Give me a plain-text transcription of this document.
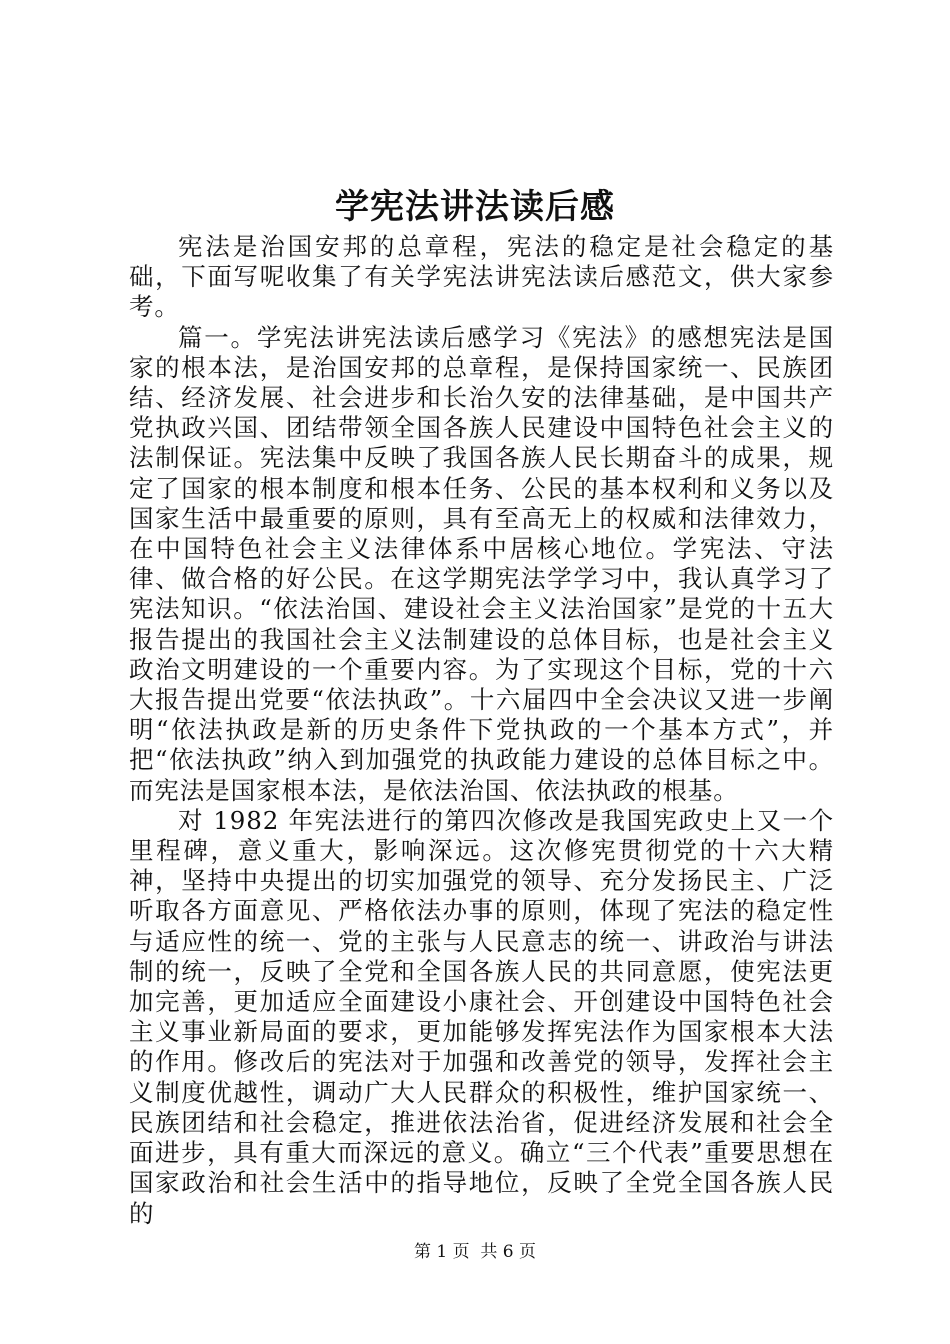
学宪法讲法读后感

宪法是治国安邦的总章程，宪法的稳定是社会稳定的基础，下面写呢收集了有关学宪法讲宪法读后感范文，供大家参考。

篇一。学宪法讲宪法读后感学习《宪法》的感想宪法是国家的根本法，是治国安邦的总章程，是保持国家统一、民族团结、经济发展、社会进步和长治久安的法律基础，是中国共产党执政兴国、团结带领全国各族人民建设中国特色社会主义的法制保证。宪法集中反映了我国各族人民长期奋斗的成果，规定了国家的根本制度和根本任务、公民的基本权利和义务以及国家生活中最重要的原则，具有至高无上的权威和法律效力，在中国特色社会主义法律体系中居核心地位。学宪法、守法律、做合格的好公民。在这学期宪法学学习中，我认真学习了宪法知识。“依法治国、建设社会主义法治国家”是党的十五大报告提出的我国社会主义法制建设的总体目标，也是社会主义政治文明建设的一个重要内容。为了实现这个目标，党的十六大报告提出党要“依法执政”。十六届四中全会决议又进一步阐明“依法执政是新的历史条件下党执政的一个基本方式”，并把“依法执政”纳入到加强党的执政能力建设的总体目标之中。而宪法是国家根本法，是依法治国、依法执政的根基。

对 1982 年宪法进行的第四次修改是我国宪政史上又一个里程碑，意义重大，影响深远。这次修宪贯彻党的十六大精神，坚持中央提出的切实加强党的领导、充分发扬民主、广泛听取各方面意见、严格依法办事的原则，体现了宪法的稳定性与适应性的统一、党的主张与人民意志的统一、讲政治与讲法制的统一，反映了全党和全国各族人民的共同意愿，使宪法更加完善，更加适应全面建设小康社会、开创建设中国特色社会主义事业新局面的要求，更加能够发挥宪法作为国家根本大法的作用。修改后的宪法对于加强和改善党的领导，发挥社会主义制度优越性，调动广大人民群众的积极性，维护国家统一、民族团结和社会稳定，推进依法治省，促进经济发展和社会全面进步，具有重大而深远的意义。确立“三个代表”重要思想在国家政治和社会生活中的指导地位，反映了全党全国各族人民的

第 1 页 共 6 页
